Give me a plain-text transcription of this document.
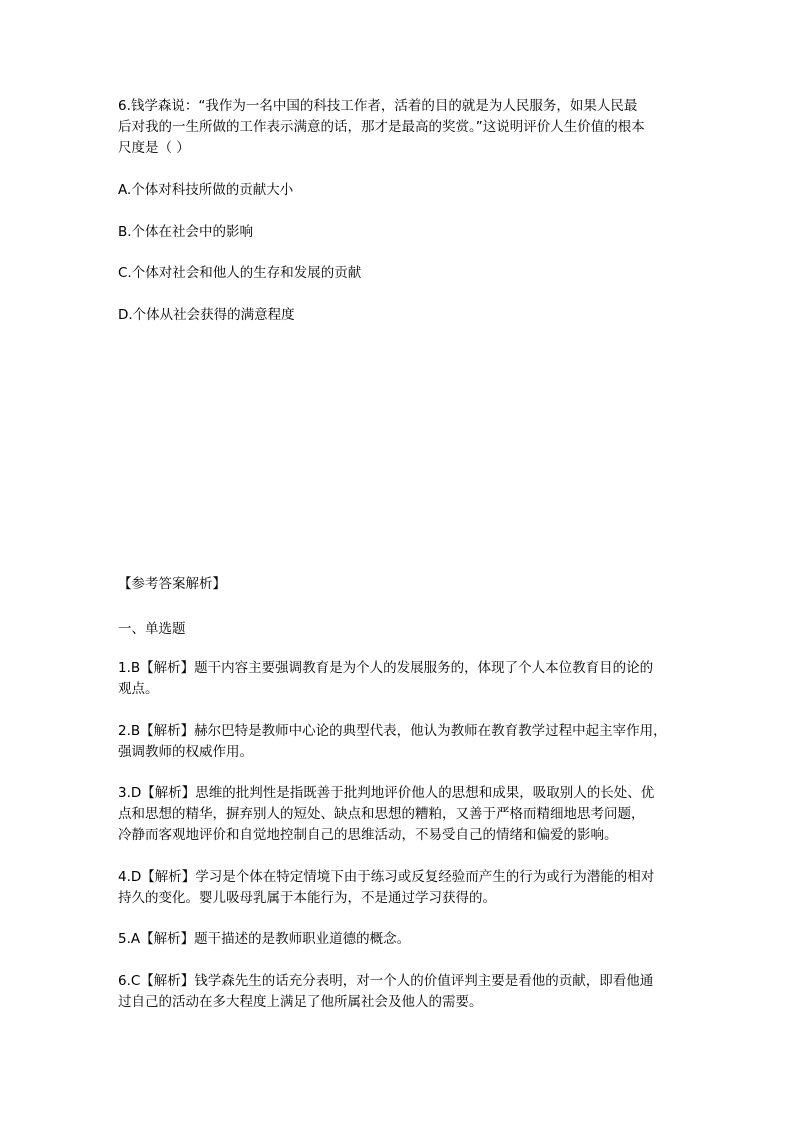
6.钱学森说：“我作为一名中国的科技工作者，活着的目的就是为人民服务，如果人民最
后对我的一生所做的工作表示满意的话，那才是最高的奖赏。”这说明评价人生价值的根本
尺度是（ ）
A.个体对科技所做的贡献大小
B.个体在社会中的影响
C.个体对社会和他人的生存和发展的贡献
D.个体从社会获得的满意程度
【参考答案解析】
一、单选题
1.B【解析】题干内容主要强调教育是为个人的发展服务的，体现了个人本位教育目的论的
观点。
2.B【解析】赫尔巴特是教师中心论的典型代表，他认为教师在教育教学过程中起主宰作用，
强调教师的权威作用。
3.D【解析】思维的批判性是指既善于批判地评价他人的思想和成果，吸取别人的长处、优
点和思想的精华，摒弃别人的短处、缺点和思想的糟粕，又善于严格而精细地思考问题，
冷静而客观地评价和自觉地控制自己的思维活动，不易受自己的情绪和偏爱的影响。
4.D【解析】学习是个体在特定情境下由于练习或反复经验而产生的行为或行为潜能的相对
持久的变化。婴儿吸母乳属于本能行为，不是通过学习获得的。
5.A【解析】题干描述的是教师职业道德的概念。
6.C【解析】钱学森先生的话充分表明，对一个人的价值评判主要是看他的贡献，即看他通
过自己的活动在多大程度上满足了他所属社会及他人的需要。
